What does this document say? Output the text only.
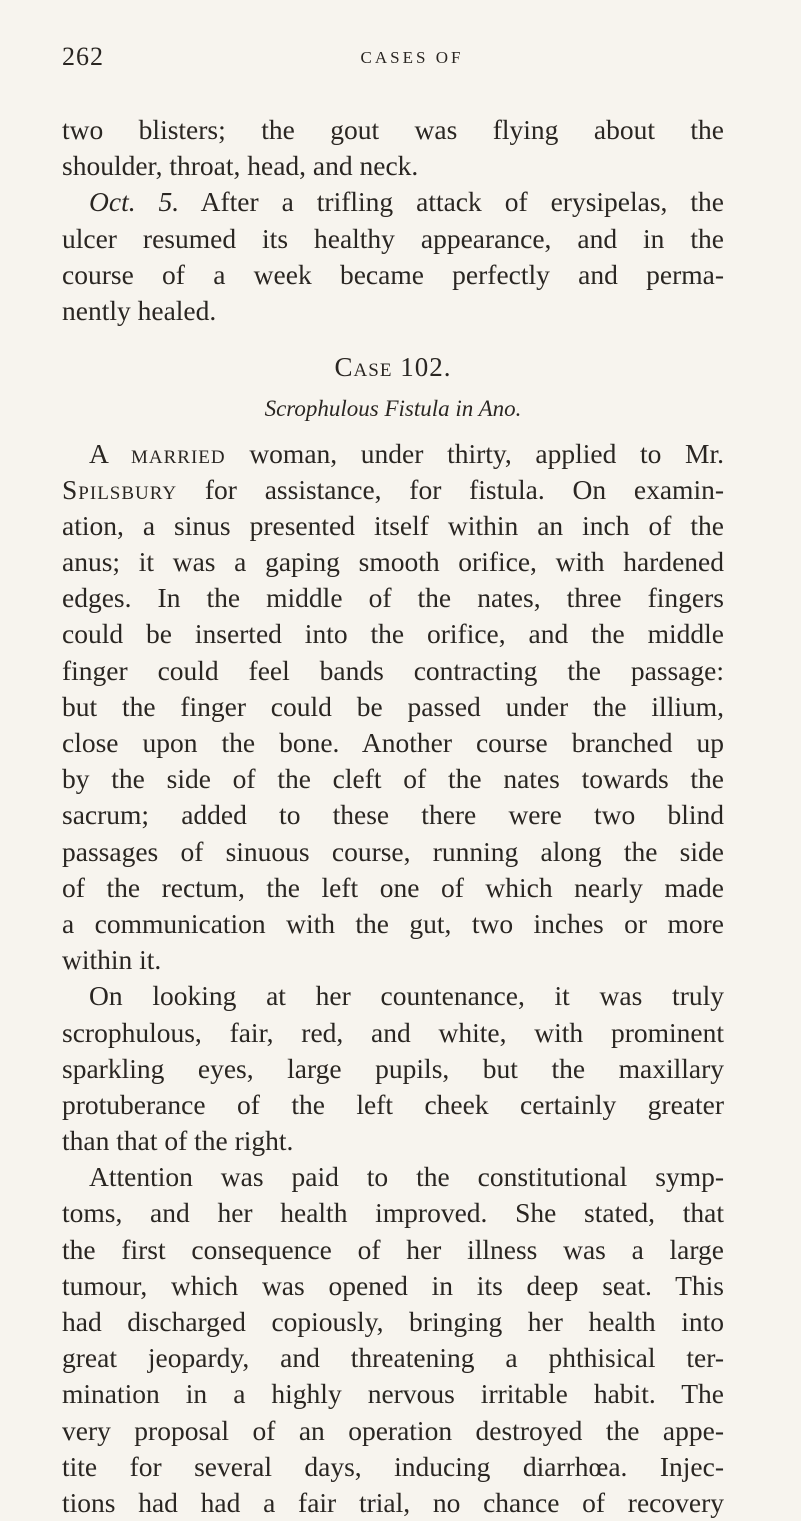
262	CASES OF
two blisters; the gout was flying about the
shoulder, throat, head, and neck.
Oct. 5. After a trifling attack of erysipelas, the
ulcer resumed its healthy appearance, and in the
course of a week became perfectly and perma-
nently healed.
Case 102.
Scrophulous Fistula in Ano.
A married woman, under thirty, applied to Mr.
Spilsbury for assistance, for fistula. On examin-
ation, a sinus presented itself within an inch of the
anus; it was a gaping smooth orifice, with hardened
edges. In the middle of the nates, three fingers
could be inserted into the orifice, and the middle
finger could feel bands contracting the passage:
but the finger could be passed under the illium,
close upon the bone. Another course branched up
by the side of the cleft of the nates towards the
sacrum; added to these there were two blind
passages of sinuous course, running along the side
of the rectum, the left one of which nearly made
a communication with the gut, two inches or more
within it.
On looking at her countenance, it was truly
scrophulous, fair, red, and white, with prominent
sparkling eyes, large pupils, but the maxillary
protuberance of the left cheek certainly greater
than that of the right.
Attention was paid to the constitutional symp-
toms, and her health improved. She stated, that
the first consequence of her illness was a large
tumour, which was opened in its deep seat. This
had discharged copiously, bringing her health into
great jeopardy, and threatening a phthisical ter-
mination in a highly nervous irritable habit. The
very proposal of an operation destroyed the appe-
tite for several days, inducing diarrhœa. Injec-
tions had had a fair trial, no chance of recovery
